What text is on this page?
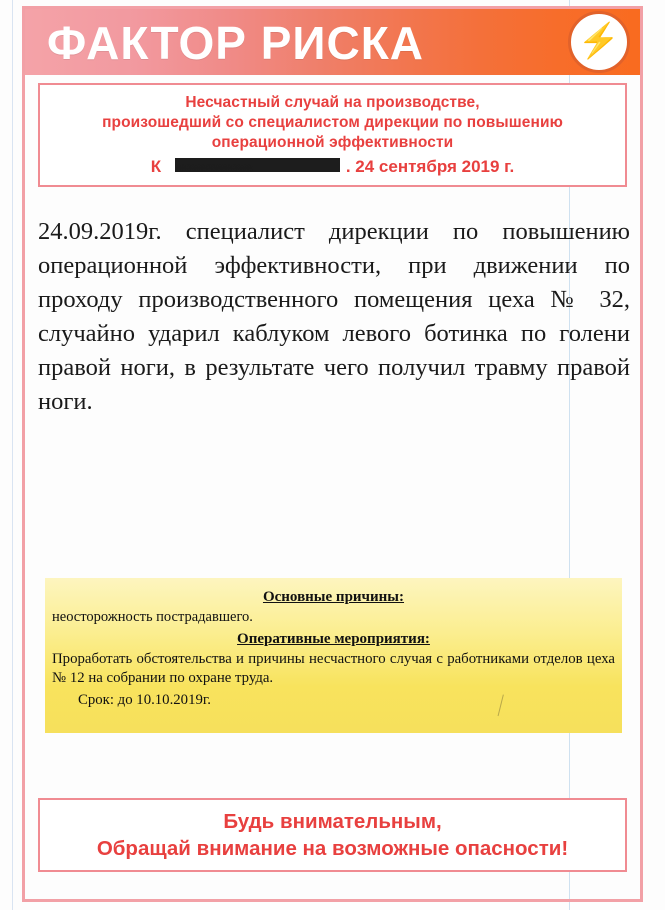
ФАКТОР РИСКА	⚡
Несчастный случай на производстве,
произошедший со специалистом дирекции по повышению
операционной эффективности
К 888888888888888	. 24 сентября 2019 г.
24.09.2019г. специалист дирекции по повышению операционной эффективности, при движении по проходу производственного помещения цеха № 32, случайно ударил каблуком левого ботинка по голени правой ноги, в результате чего получил травму правой ноги.
Основные причины:
неосторожность пострадавшего.
Оперативные мероприятия:
Проработать обстоятельства и причины несчастного случая с работниками отделов цеха № 12 на собрании по охране труда.
Срок: до 10.10.2019г.
Будь внимательным,
Обращай внимание на возможные опасности!
